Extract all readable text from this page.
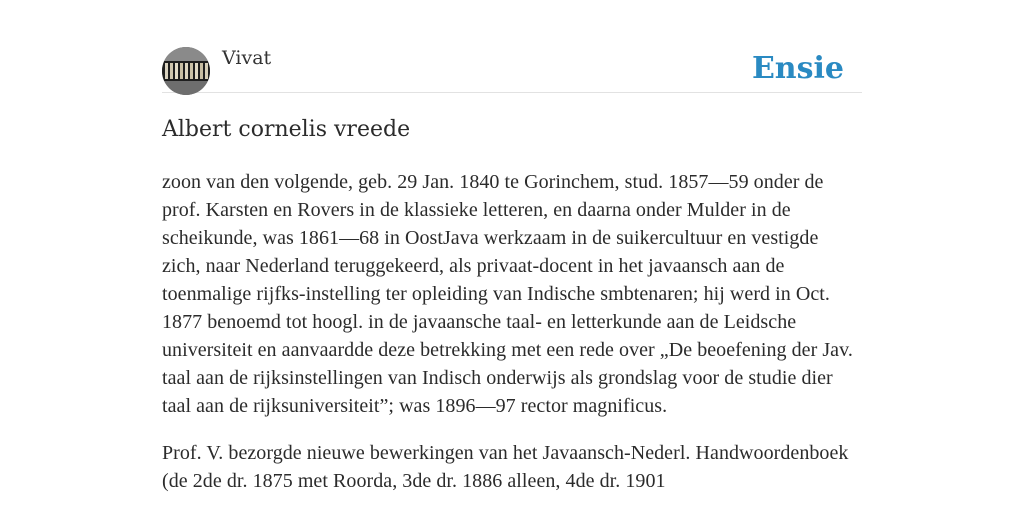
Vivat	Ensie
Albert cornelis vreede

zoon van den volgende, geb. 29 Jan. 1840 te Gorinchem, stud. 1857—59 onder de prof. Karsten en Rovers in de klassieke letteren, en daarna onder Mulder in de scheikunde, was 1861—68 in OostJava werkzaam in de suikercultuur en vestigde zich, naar Nederland teruggekeerd, als privaat-docent in het javaansch aan de toenmalige rijfks-instelling ter opleiding van Indische smbtenaren; hij werd in Oct. 1877 benoemd tot hoogl. in de javaansche taal- en letterkunde aan de Leidsche universiteit en aanvaardde deze betrekking met een rede over „De beoefening der Jav. taal aan de rijksinstellingen van Indisch onderwijs als grondslag voor de studie dier taal aan de rijksuniversiteit”; was 1896—97 rector magnificus.

Prof. V. bezorgde nieuwe bewerkingen van het Javaansch-Nederl. Handwoordenboek (de 2de dr. 1875 met Roorda, 3de dr. 1886 alleen, 4de dr. 1901
